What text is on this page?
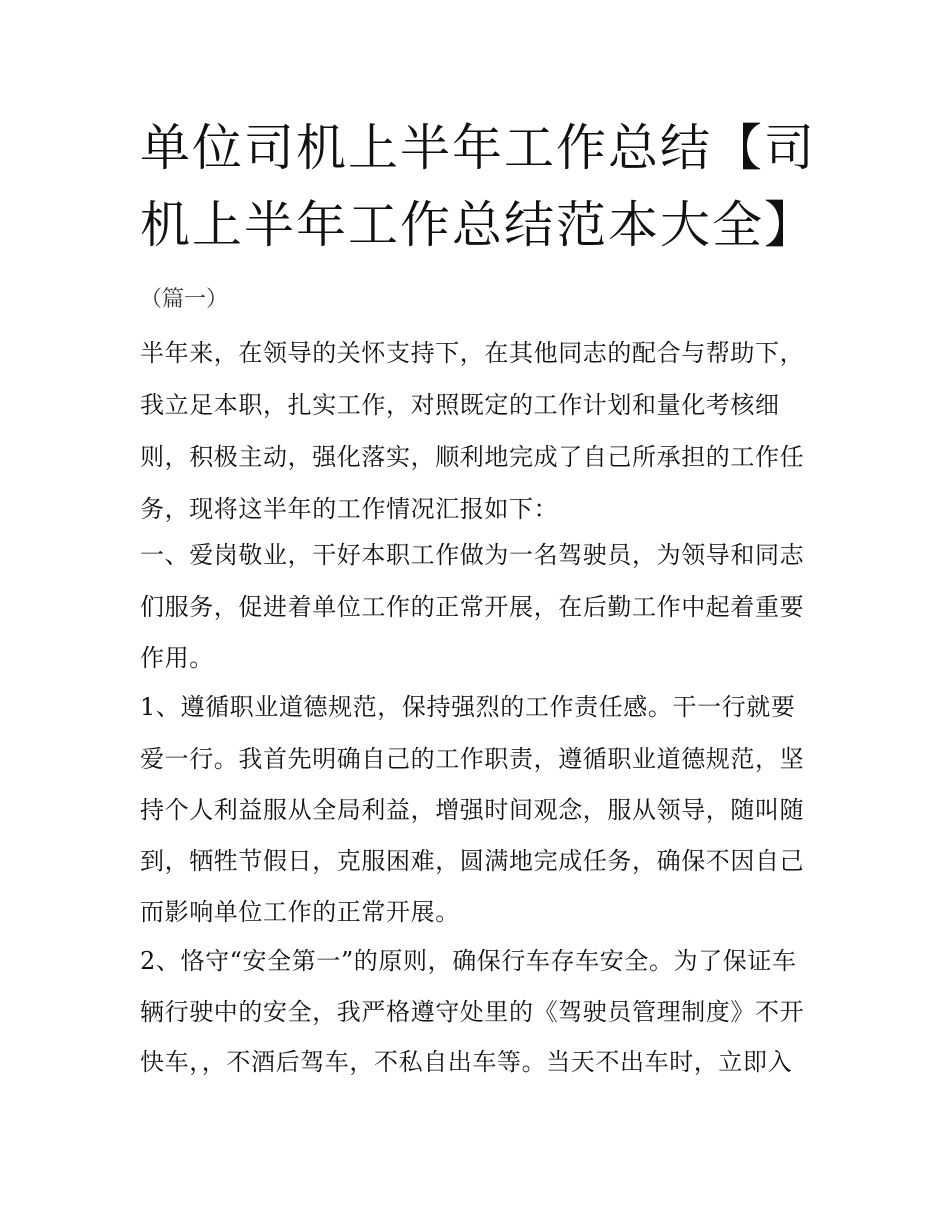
单位司机上半年工作总结【司
机上半年工作总结范本大全】
（篇一）
半年来，在领导的关怀支持下，在其他同志的配合与帮助下，
我立足本职，扎实工作，对照既定的工作计划和量化考核细
则，积极主动，强化落实，顺利地完成了自己所承担的工作任
务，现将这半年的工作情况汇报如下：
一、爱岗敬业，干好本职工作做为一名驾驶员，为领导和同志
们服务，促进着单位工作的正常开展，在后勤工作中起着重要
作用。
1、遵循职业道德规范，保持强烈的工作责任感。干一行就要
爱一行。我首先明确自己的工作职责，遵循职业道德规范，坚
持个人利益服从全局利益，增强时间观念，服从领导，随叫随
到，牺牲节假日，克服困难，圆满地完成任务，确保不因自己
而影响单位工作的正常开展。
2、恪守“安全第一”的原则，确保行车存车安全。为了保证车
辆行驶中的安全，我严格遵守处里的《驾驶员管理制度》不开
快车，，不酒后驾车，不私自出车等。当天不出车时，立即入
